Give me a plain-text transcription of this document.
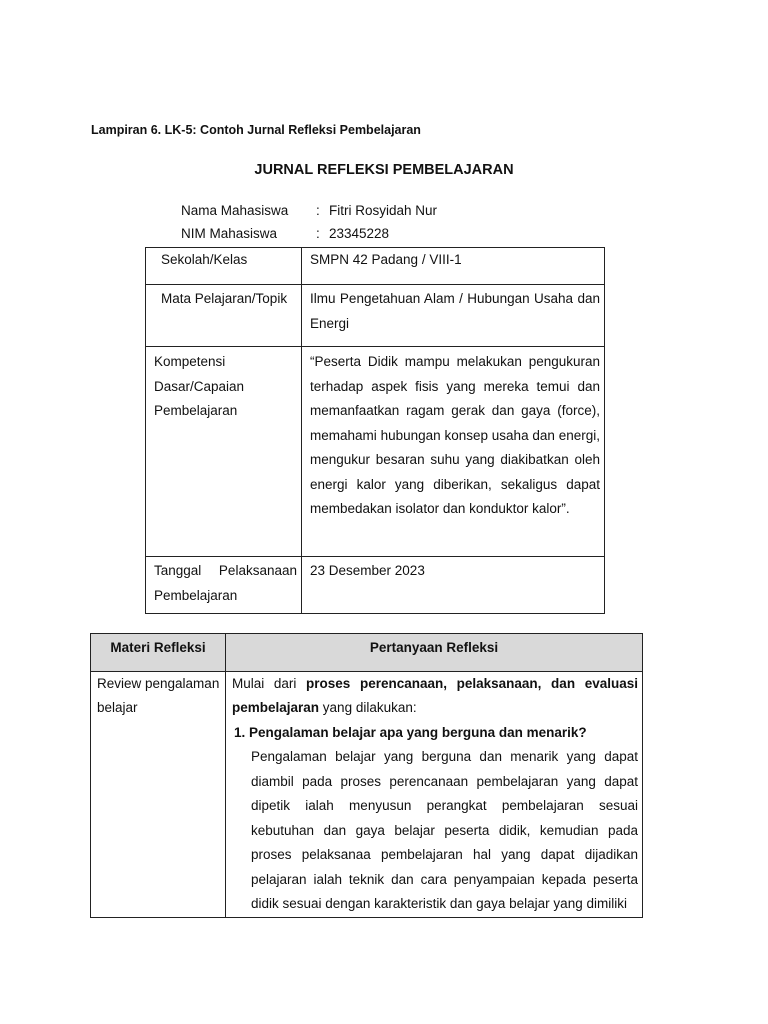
Lampiran 6. LK-5: Contoh Jurnal Refleksi Pembelajaran
JURNAL REFLEKSI PEMBELAJARAN
Nama Mahasiswa : Fitri Rosyidah Nur
NIM Mahasiswa	: 23345228
Sekolah/Kelas	SMPN 42 Padang / VIII-1
Mata Pelajaran/Topik	Ilmu Pengetahuan Alam / Hubungan Usaha dan Energi
Kompetensi Dasar/Capaian Pembelajaran	“Peserta Didik mampu melakukan pengukuran terhadap aspek fisis yang mereka temui dan memanfaatkan ragam gerak dan gaya (force), memahami hubungan konsep usaha dan energi, mengukur besaran suhu yang diakibatkan oleh energi kalor yang diberikan, sekaligus dapat membedakan isolator dan konduktor kalor”.
Tanggal Pelaksanaan Pembelajaran	23 Desember 2023
Materi Refleksi	Pertanyaan Refleksi
Review pengalaman belajar	Mulai dari proses perencanaan, pelaksanaan, dan evaluasi pembelajaran yang dilakukan:
1. Pengalaman belajar apa yang berguna dan menarik?
Pengalaman belajar yang berguna dan menarik yang dapat diambil pada proses perencanaan pembelajaran yang dapat dipetik ialah menyusun perangkat pembelajaran sesuai kebutuhan dan gaya belajar peserta didik, kemudian pada proses pelaksanaa pembelajaran hal yang dapat dijadikan pelajaran ialah teknik dan cara penyampaian kepada peserta didik sesuai dengan karakteristik dan gaya belajar yang dimiliki
